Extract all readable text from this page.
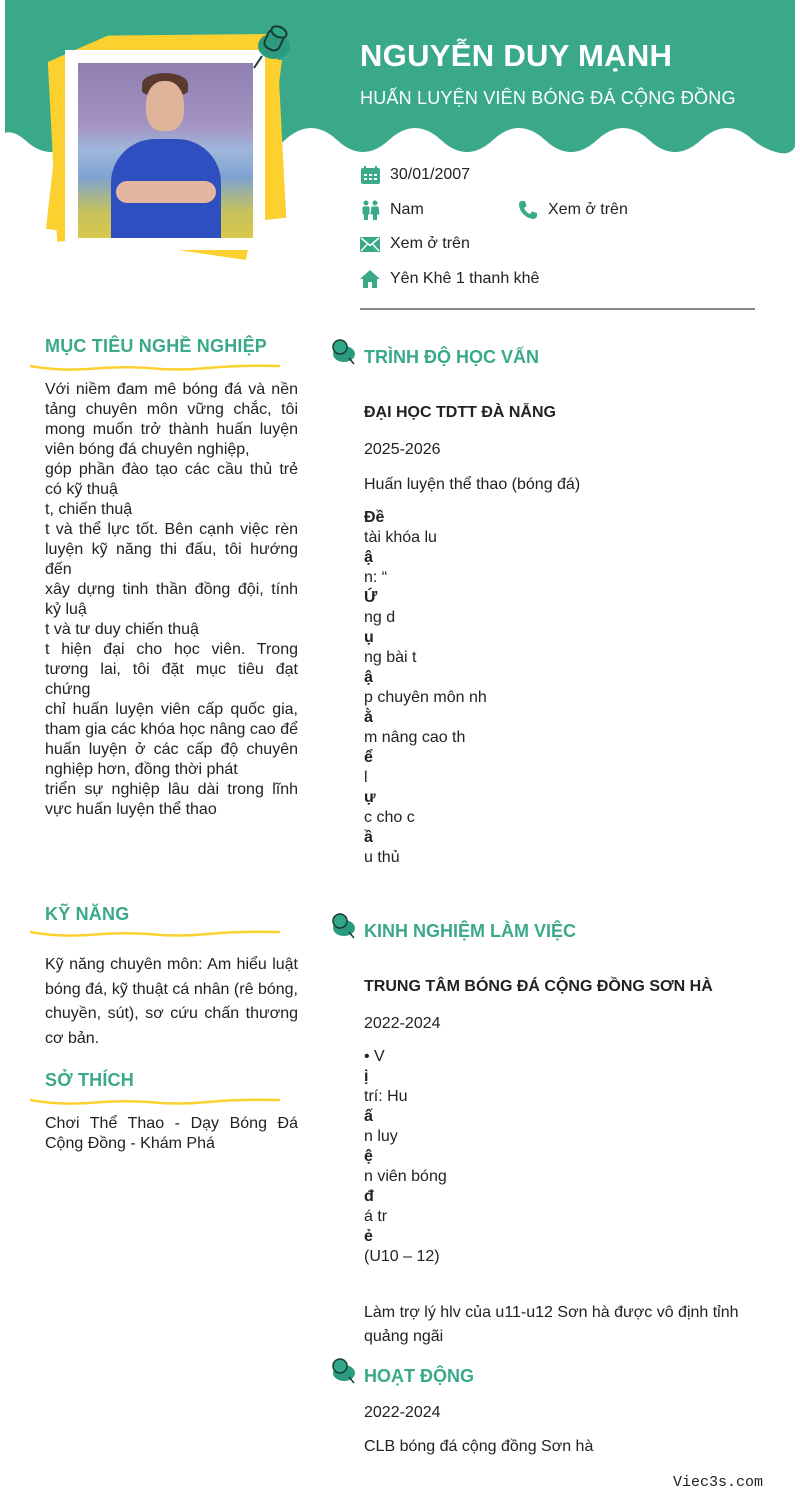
NGUYỄN DUY MẠNH
HUẤN LUYỆN VIÊN BÓNG ĐÁ CỘNG ĐỒNG
30/01/2007
Nam	Xem ở trên
Xem ở trên
Yên Khê 1 thanh khê
MỤC TIÊU NGHỀ NGHIỆP
Với niềm đam mê bóng đá và nền tảng chuyên môn vững chắc, tôi mong muốn trở thành huấn luyện viên bóng đá chuyên nghiệp,
góp phần đào tạo các cầu thủ trẻ có kỹ thuậ
t, chiến thuậ
t và thể lực tốt. Bên cạnh việc rèn luyện kỹ năng thi đấu, tôi hướng đến
xây dựng tinh thần đồng đội, tính kỷ luậ
t và tư duy chiến thuậ
t hiện đại cho học viên. Trong tương lai, tôi đặt mục tiêu đạt chứng
chỉ huấn luyện viên cấp quốc gia, tham gia các khóa học nâng cao để huấn luyện ở các cấp độ chuyên nghiệp hơn, đồng thời phát
triển sự nghiệp lâu dài trong lĩnh vực huấn luyện thể thao
KỸ NĂNG
Kỹ năng chuyên môn: Am hiểu luật bóng đá, kỹ thuật cá nhân (rê bóng, chuyền, sút), sơ cứu chấn thương cơ bản.
SỞ THÍCH
Chơi Thể Thao - Dạy Bóng Đá Cộng Đồng - Khám Phá
TRÌNH ĐỘ HỌC VẤN
ĐẠI HỌC TDTT ĐÀ NẴNG
2025-2026
Huấn luyện thể thao (bóng đá)
Đề
tài khóa lu
ậ
n: “
Ứ
ng d
ụ
ng bài t
ậ
p chuyên môn nh
ằ
m nâng cao th
ể
l
ự
c cho c
ầ
u thủ
KINH NGHIỆM LÀM VIỆC
TRUNG TÂM BÓNG ĐÁ CỘNG ĐỒNG SƠN HÀ
2022-2024
• V
ị
trí: Hu
ấ
n luy
ệ
n viên bóng
đ
á tr
ẻ
(U10 – 12)
Làm trợ lý hlv của u11-u12 Sơn hà được vô định tỉnh quảng ngãi
HOẠT ĐỘNG
2022-2024
CLB bóng đá cộng đồng Sơn hà
Viec3s.com
